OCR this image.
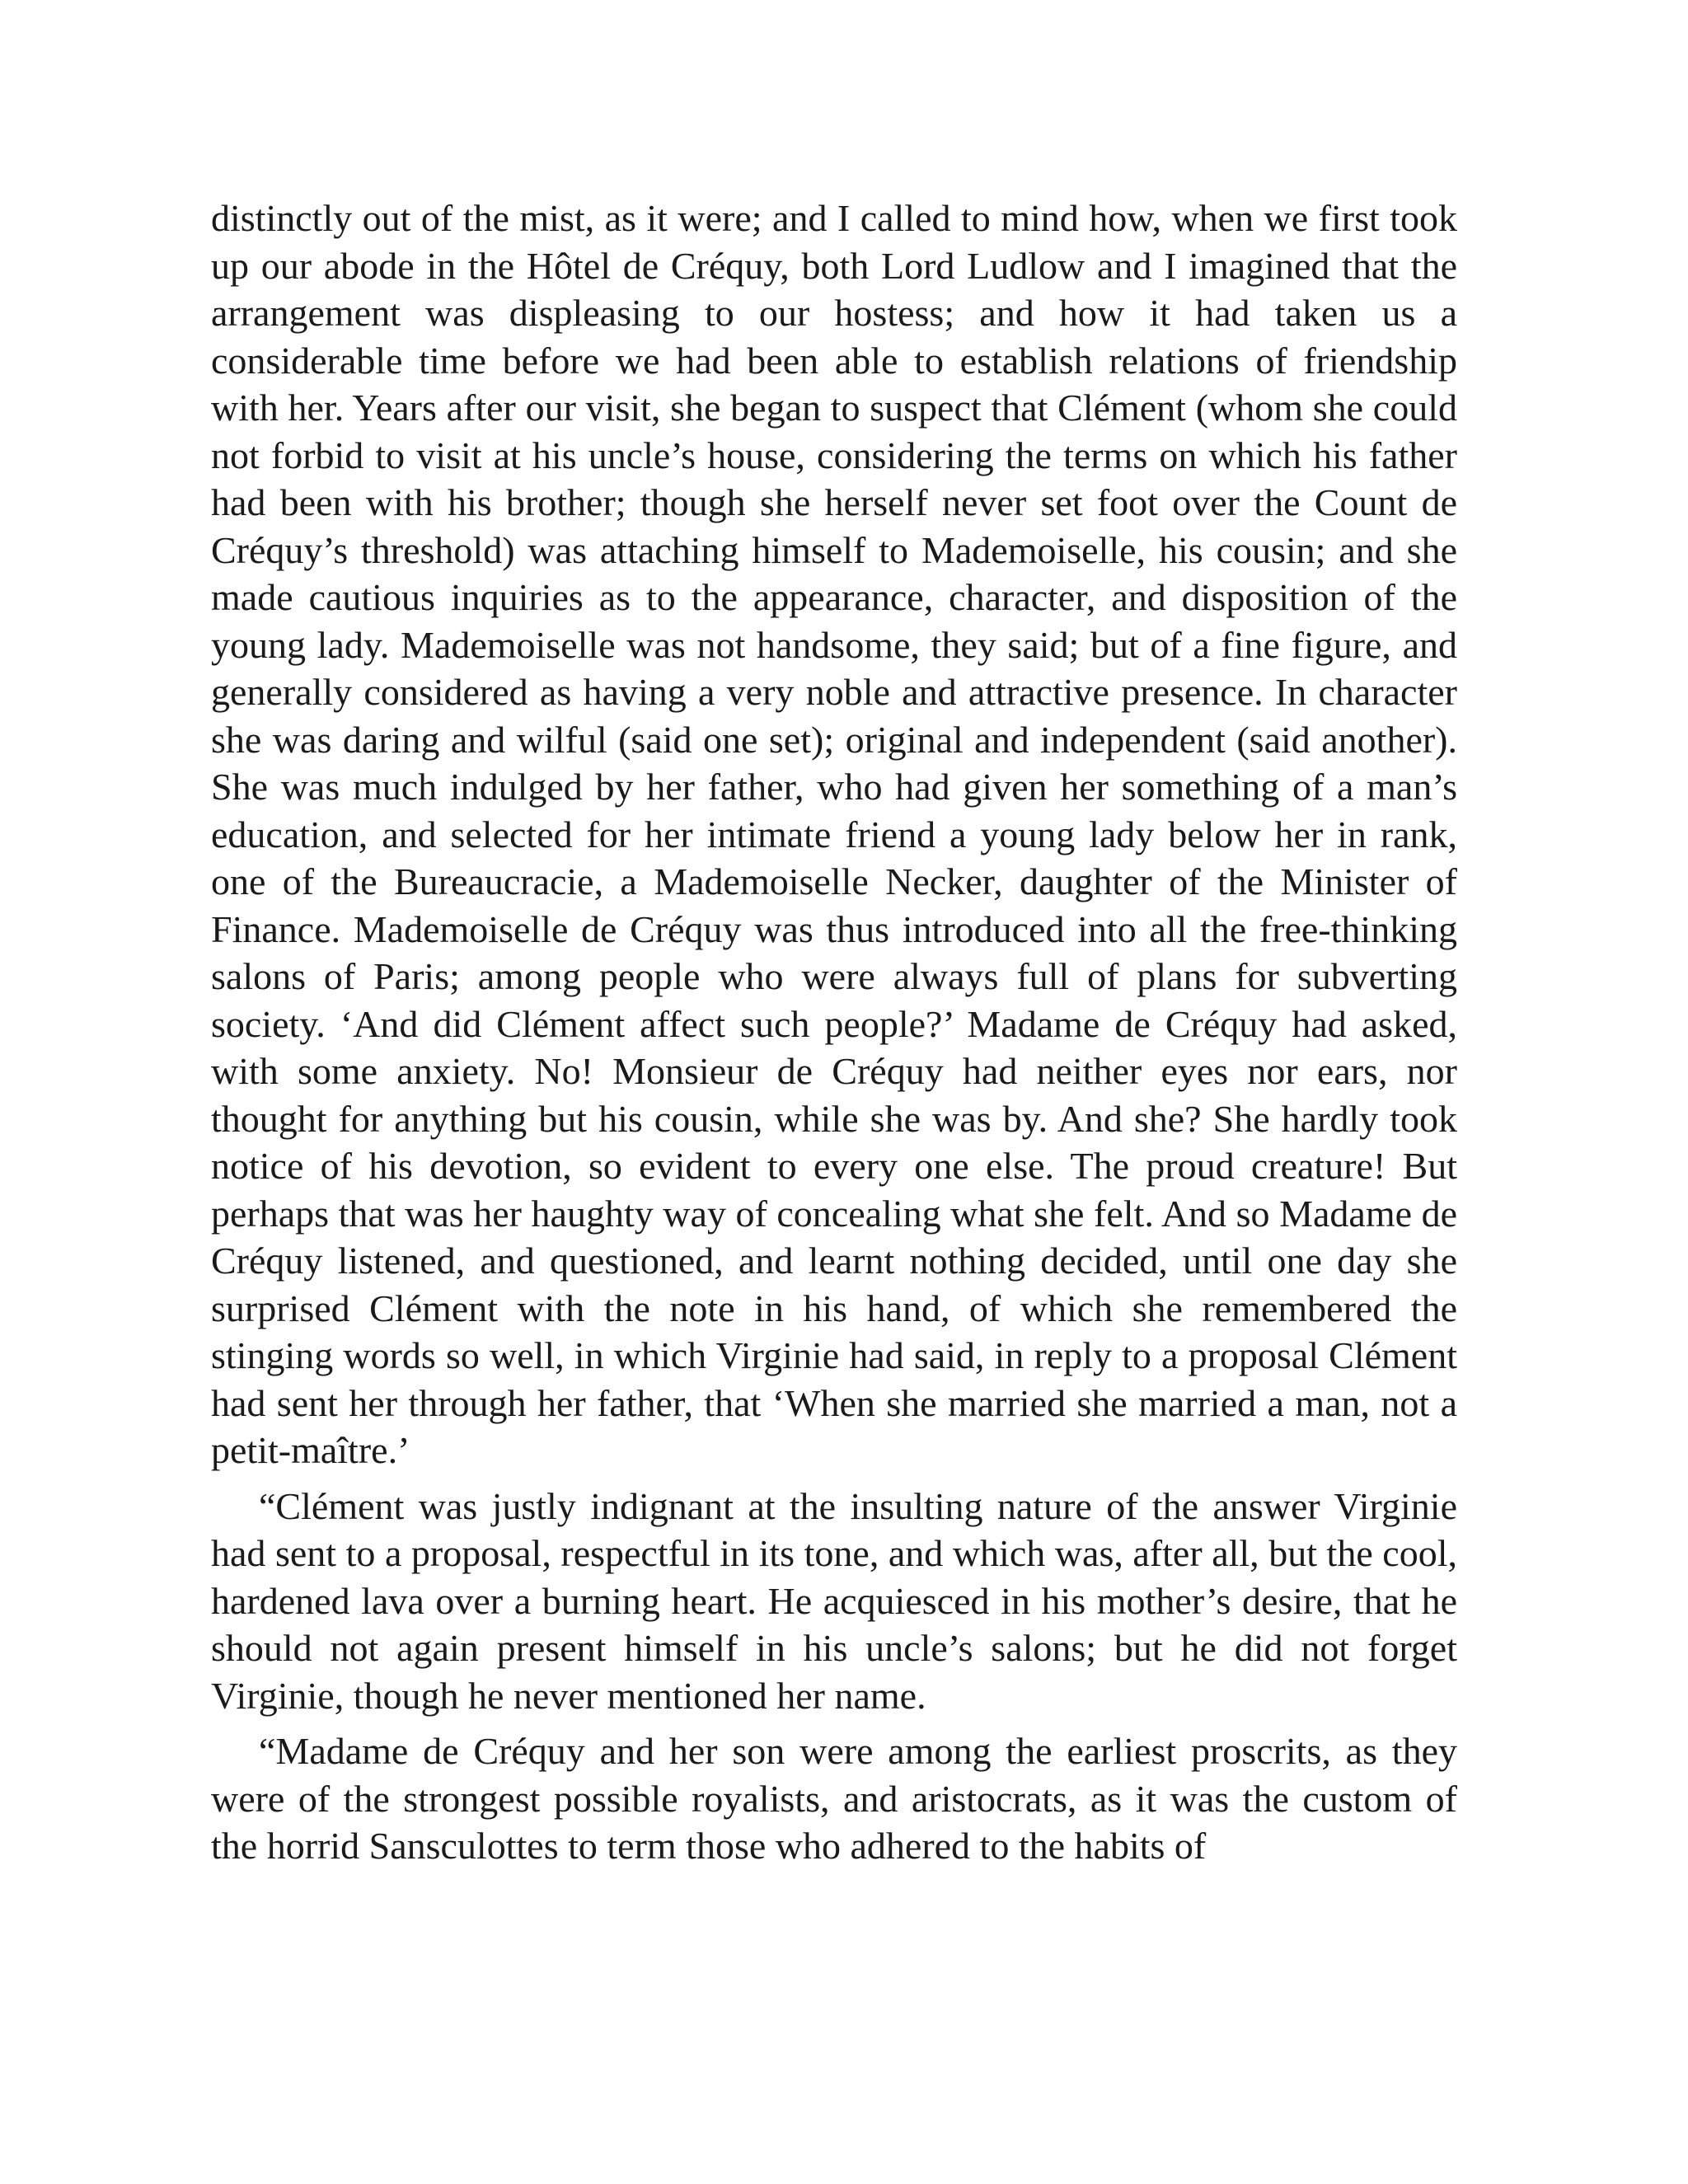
distinctly out of the mist, as it were; and I called to mind how, when we first took up our abode in the Hôtel de Créquy, both Lord Ludlow and I imagined that the arrangement was displeasing to our hostess; and how it had taken us a considerable time before we had been able to establish relations of friendship with her. Years after our visit, she began to suspect that Clément (whom she could not forbid to visit at his uncle’s house, considering the terms on which his father had been with his brother; though she herself never set foot over the Count de Créquy’s threshold) was attaching himself to Mademoiselle, his cousin; and she made cautious inquiries as to the appearance, character, and disposition of the young lady. Mademoiselle was not handsome, they said; but of a fine figure, and generally considered as having a very noble and attractive presence. In character she was daring and wilful (said one set); original and independent (said another). She was much indulged by her father, who had given her something of a man’s education, and selected for her intimate friend a young lady below her in rank, one of the Bureaucracie, a Mademoiselle Necker, daughter of the Minister of Finance. Mademoiselle de Créquy was thus introduced into all the free-thinking salons of Paris; among people who were always full of plans for subverting society. ‘And did Clément affect such people?’ Madame de Créquy had asked, with some anxiety. No! Monsieur de Créquy had neither eyes nor ears, nor thought for anything but his cousin, while she was by. And she? She hardly took notice of his devotion, so evident to every one else. The proud creature! But perhaps that was her haughty way of concealing what she felt. And so Madame de Créquy listened, and questioned, and learnt nothing decided, until one day she surprised Clément with the note in his hand, of which she remembered the stinging words so well, in which Virginie had said, in reply to a proposal Clément had sent her through her father, that ‘When she married she married a man, not a petit-maître.’

“Clément was justly indignant at the insulting nature of the answer Virginie had sent to a proposal, respectful in its tone, and which was, after all, but the cool, hardened lava over a burning heart. He acquiesced in his mother’s desire, that he should not again present himself in his uncle’s salons; but he did not forget Virginie, though he never mentioned her name.

“Madame de Créquy and her son were among the earliest proscrits, as they were of the strongest possible royalists, and aristocrats, as it was the custom of the horrid Sansculottes to term those who adhered to the habits of
